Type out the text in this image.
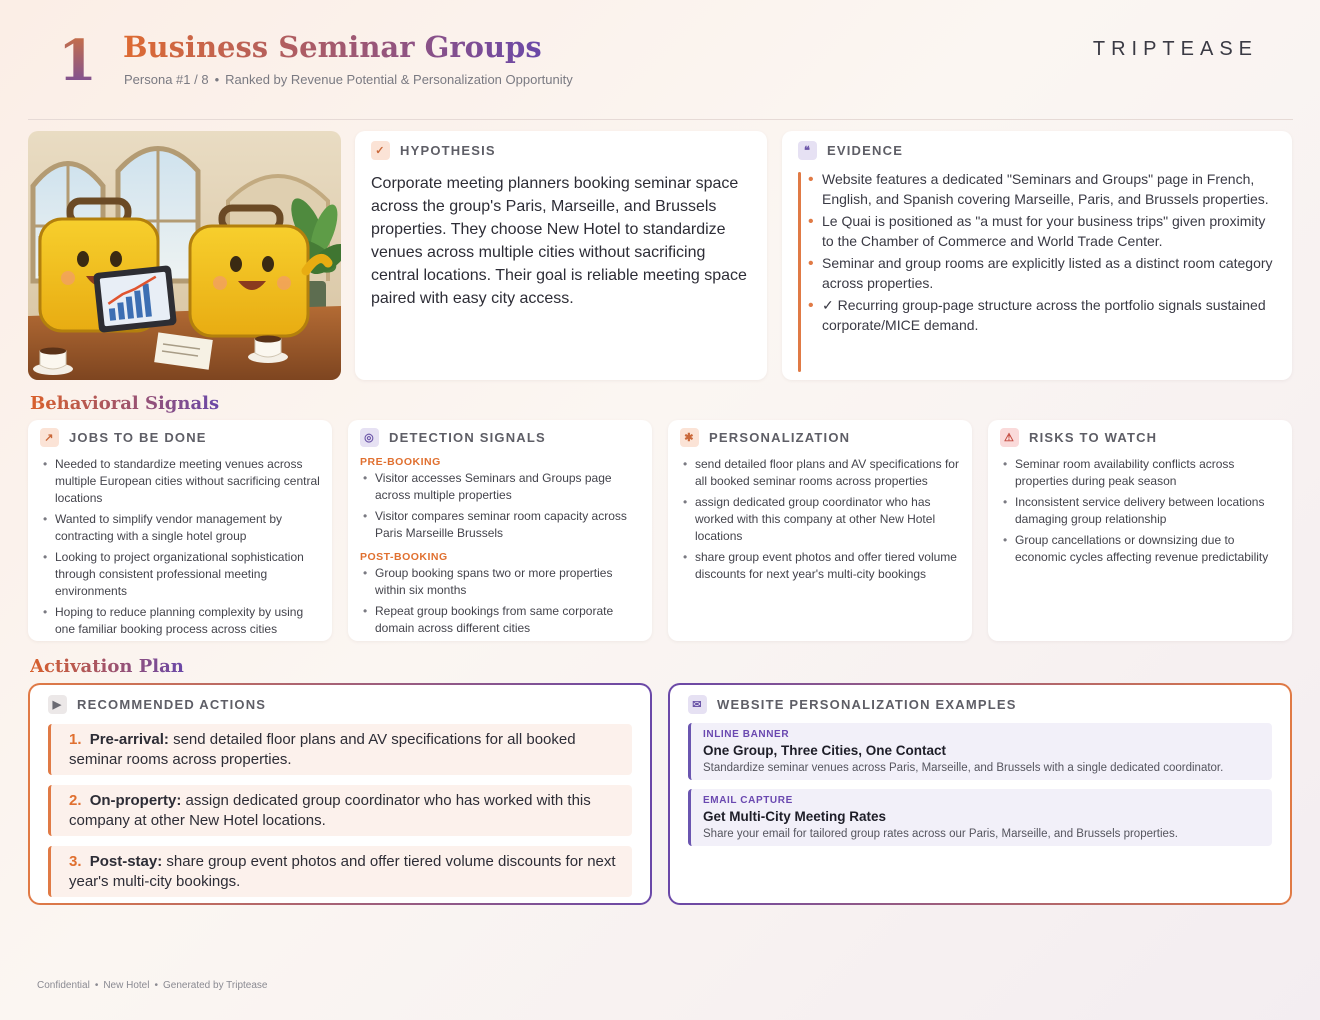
1 Business Seminar Groups
Persona #1 / 8 • Ranked by Revenue Potential & Personalization Opportunity
TRIPTEASE
✓	HYPOTHESIS
Corporate meeting planners booking seminar space across the group's Paris, Marseille, and Brussels properties. They choose New Hotel to standardize venues across multiple cities without sacrificing central locations. Their goal is reliable meeting space paired with easy city access.
❝	EVIDENCE
• Website features a dedicated "Seminars and Groups" page in French, English, and Spanish covering Marseille, Paris, and Brussels properties.
• Le Quai is positioned as "a must for your business trips" given proximity to the Chamber of Commerce and World Trade Center.
• Seminar and group rooms are explicitly listed as a distinct room category across properties.
• ✓ Recurring group-page structure across the portfolio signals sustained corporate/MICE demand.
Behavioral Signals
↗	JOBS TO BE DONE
• Needed to standardize meeting venues across multiple European cities without sacrificing central locations
• Wanted to simplify vendor management by contracting with a single hotel group
• Looking to project organizational sophistication through consistent professional meeting environments
• Hoping to reduce planning complexity by using one familiar booking process across cities
◎	DETECTION SIGNALS
PRE-BOOKING
• Visitor accesses Seminars and Groups page across multiple properties
• Visitor compares seminar room capacity across Paris Marseille Brussels
POST-BOOKING
• Group booking spans two or more properties within six months
• Repeat group bookings from same corporate domain across different cities
✱	PERSONALIZATION
• send detailed floor plans and AV specifications for all booked seminar rooms across properties
• assign dedicated group coordinator who has worked with this company at other New Hotel locations
• share group event photos and offer tiered volume discounts for next year's multi-city bookings
⚠	RISKS TO WATCH
• Seminar room availability conflicts across properties during peak season
• Inconsistent service delivery between locations damaging group relationship
• Group cancellations or downsizing due to economic cycles affecting revenue predictability
Activation Plan
▶	RECOMMENDED ACTIONS
1. Pre-arrival: send detailed floor plans and AV specifications for all booked seminar rooms across properties.
2. On-property: assign dedicated group coordinator who has worked with this company at other New Hotel locations.
3. Post-stay: share group event photos and offer tiered volume discounts for next year's multi-city bookings.
✉	WEBSITE PERSONALIZATION EXAMPLES
INLINE BANNER
One Group, Three Cities, One Contact
Standardize seminar venues across Paris, Marseille, and Brussels with a single dedicated coordinator.
EMAIL CAPTURE
Get Multi-City Meeting Rates
Share your email for tailored group rates across our Paris, Marseille, and Brussels properties.
Confidential • New Hotel • Generated by Triptease
